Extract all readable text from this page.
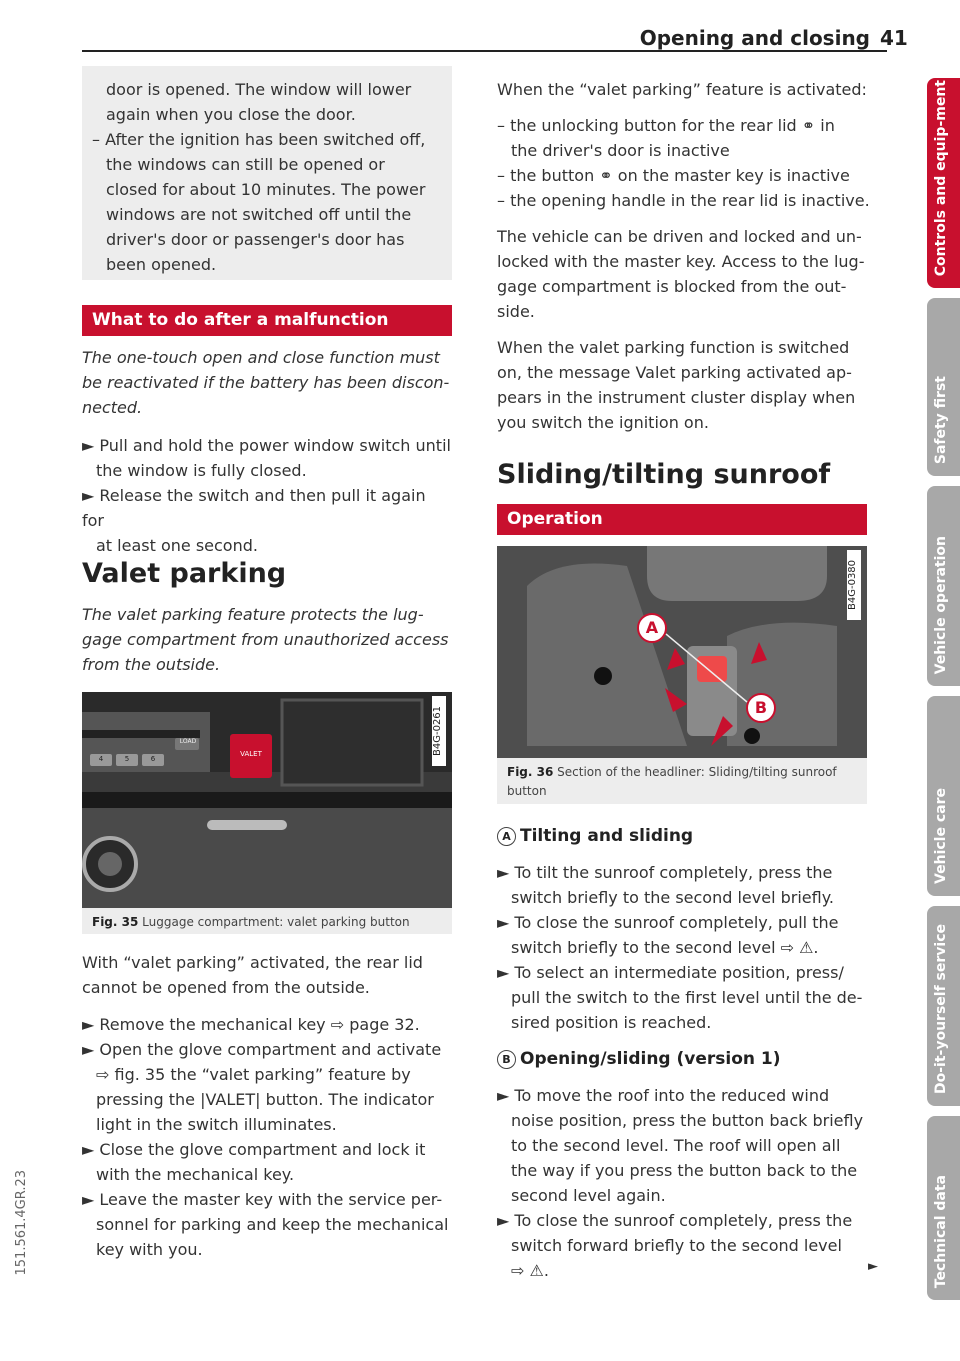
Opening and closing 41

door is opened. The window will lower

again when you close the door.

– After the ignition has been switched off,

the windows can still be opened or

closed for about 10 minutes. The power

windows are not switched off until the

driver's door or passenger's door has

been opened.

What to do after a malfunction

The one-touch open and close function must

be reactivated if the battery has been discon-

nected.

► Pull and hold the power window switch until

the window is fully closed.

► Release the switch and then pull it again for

at least one second.

Valet parking

The valet parking feature protects the lug-

gage compartment from unauthorized access

from the outside.

LOAD
4	5	6
VALET	B4G-0261
Fig. 35 Luggage compartment: valet parking button

With “valet parking” activated, the rear lid

cannot be opened from the outside.

► Remove the mechanical key ⇨ page 32.

► Open the glove compartment and activate

⇨ fig. 35 the “valet parking” feature by

pressing the |VALET| button. The indicator

light in the switch illuminates.

► Close the glove compartment and lock it

with the mechanical key.

► Leave the master key with the service per-

sonnel for parking and keep the mechanical

key with you.

When the “valet parking” feature is activated:

– the unlocking button for the rear lid ⚭ in

the driver's door is inactive

– the button ⚭ on the master key is inactive

– the opening handle in the rear lid is inactive.

The vehicle can be driven and locked and un-

locked with the master key. Access to the lug-

gage compartment is blocked from the out-

side.

When the valet parking function is switched

on, the message Valet parking activated ap-

pears in the instrument cluster display when

you switch the ignition on.

Sliding/tilting sunroof
Operation
A
B
B4G-0380
Fig. 36 Section of the headliner: Sliding/tilting sunroof
button
A Tilting and sliding

► To tilt the sunroof completely, press the

switch briefly to the second level briefly.

► To close the sunroof completely, pull the

switch briefly to the second level ⇨ ⚠.

► To select an intermediate position, press/

pull the switch to the first level until the de-

sired position is reached.

B Opening/sliding (version 1)

► To move the roof into the reduced wind

noise position, press the button back briefly

to the second level. The roof will open all

the way if you press the button back to the

second level again.

► To close the sunroof completely, press the

switch forward briefly to the second level

⇨ ⚠.	►
Controls and equip-ment
Safety first
Vehicle operation
Vehicle care
Do-it-yourself service
Technical data
151.561.4GR.23
